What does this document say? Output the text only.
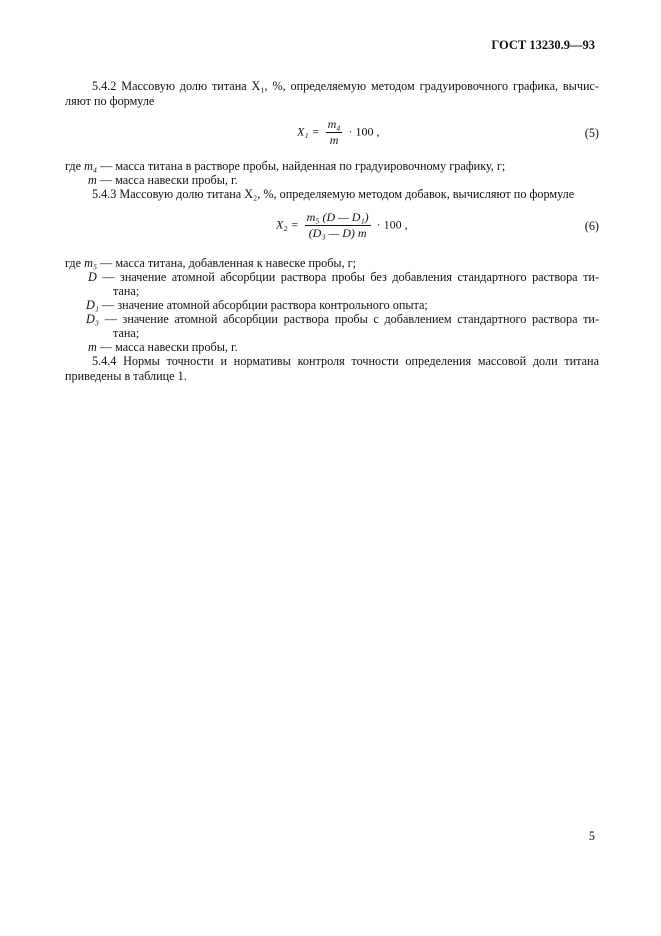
ГОСТ 13230.9—93
5.4.2 Массовую долю титана X₁, %, определяемую методом градуировочного графика, вычис-
ляют по формуле
$X_1 = \frac{\text{m₄}}{m} \cdot 100$ ,	(5)
где m₄ — масса титана в растворе пробы, найденная по градуировочному графику, г;
m — масса навески пробы, г.
5.4.3 Массовую долю титана X₂, %, определяемую методом добавок, вычисляют по формуле
$X_2 = \frac{\text{m₅ (D — D₁)}}{\text{(D₃ — D) m}} \cdot 100$ ,	(6)
где m₅ — масса титана, добавленная к навеске пробы, г;
D — значение атомной абсорбции раствора пробы без добавления стандартного раствора ти-
тана;
D₁ — значение атомной абсорбции раствора контрольного опыта;
D₃ — значение атомной абсорбции раствора пробы с добавлением стандартного раствора ти-
тана;
m — масса навески пробы, г.
5.4.4 Нормы точности и нормативы контроля точности определения массовой доли титана
приведены в таблице 1.
5
